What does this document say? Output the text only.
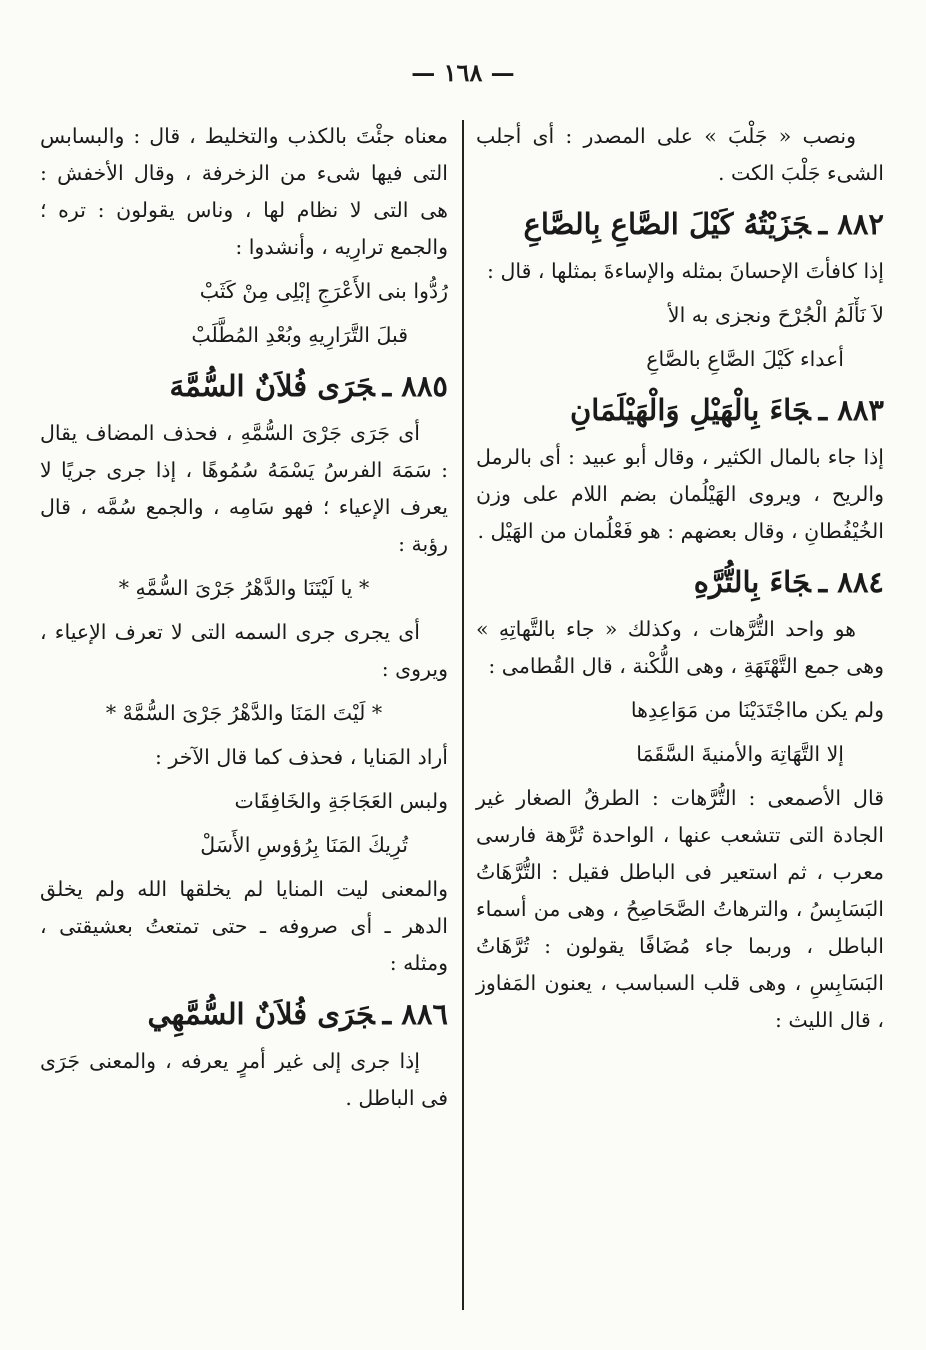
— ١٦٨ —

ونصب « جَلْبَ » على المصدر : أى أجلب الشىء جَلْبَ الكت .

٨٨٢ ـجَزَيْتُهُ كَيْلَ الصَّاعِ بِالصَّاعِ

إذا كافأتَ الإحسانَ بمثله والإساءةَ بمثلها ، قال :

لاَ نَأْلَمُ الْجُرْحَ ونجزى به الأ

أعداء كَيْلَ الصَّاعِ بالصَّاعِ

٨٨٣ ـجَاءَ بِالْهَيْلِ وَالْهَيْلَمَانِ

إذا جاء بالمال الكثير ، وقال أبو عبيد : أى بالرمل والريح ، ويروى الهَيْلُمان بضم اللام على وزن الخُيْفُطانِ ، وقال بعضهم : هو فَعْلُمان من الهَيْل .

٨٨٤ ـجَاءَ بِالتُّرَّهِ

هو واحد التُّرَّهات ، وكذلك « جاء بالتَّهاتِهِ » وهى جمع التَّهْتَهَةِ ، وهى اللُّكْنة ، قال القُطامى :

ولم يكن مااجْتَدَيْنَا من مَوَاعِدِها

إلا التَّهَاتِهَ والأمنيةَ السَّقَمَا

قال الأصمعى : التُّرَّهات : الطرقُ الصغار غير الجادة التى تتشعب عنها ، الواحدة تُرَّهة فارسى معرب ، ثم استعير فى الباطل فقيل : التُّرَّهَاتُ البَسَابِسُ ، والترهاتُ الصَّحَاصِحُ ، وهى من أسماء الباطل ، وربما جاء مُضَافًا يقولون : تُرَّهَاتُ البَسَابِسِ ، وهى قلب السباسب ، يعنون المَفاوز ، قال الليث :

معناه جئْتَ بالكذب والتخليط ، قال : والبسابس التى فيها شىء من الزخرفة ، وقال الأخفش : هى التى لا نظام لها ، وناس يقولون : تره ؛ والجمع ترارِيه ، وأنشدوا :

رُدُّوا بنى الأَعْرَجِ إبْلِى مِنْ كَثَبْ

قبلَ التَّرَارِيهِ وبُعْدِ المُطَّلَبْ

٨٨٥ ـجَرَى فُلاَنٌ السُّمَّهَ

أى جَرَى جَرْىَ السُّمَّهِ ، فحذف المضاف يقال : سَمَهَ الفرسُ يَسْمَهُ سُمُوهًا ، إذا جرى جريًا لا يعرف الإعياء ؛ فهو سَامِه ، والجمع سُمَّه ، قال رؤبة :

* يا لَيْتَنَا والدَّهْرُ جَرْىَ السُّمَّهِ *

أى يجرى جرى السمه التى لا تعرف الإعياء ، ويروى :

* لَيْتَ المَنَا والدَّهْرُ جَرْىَ السُّمَّهْ *

أراد المَنايا ، فحذف كما قال الآخر :

ولبس العَجَاجَةِ والخَافِقَات

تُرِيكَ المَنَا بِرُؤوسِ الأَسَلْ

والمعنى ليت المنايا لم يخلقها الله ولم يخلق الدهر ـ أى صروفه ـ حتى تمتعتُ بعشيقتى ، ومثله :

٨٨٦ ـجَرَى فُلاَنٌ السُّمَّهِي

إذا جرى إلى غير أمرٍ يعرفه ، والمعنى جَرَى فى الباطل .
